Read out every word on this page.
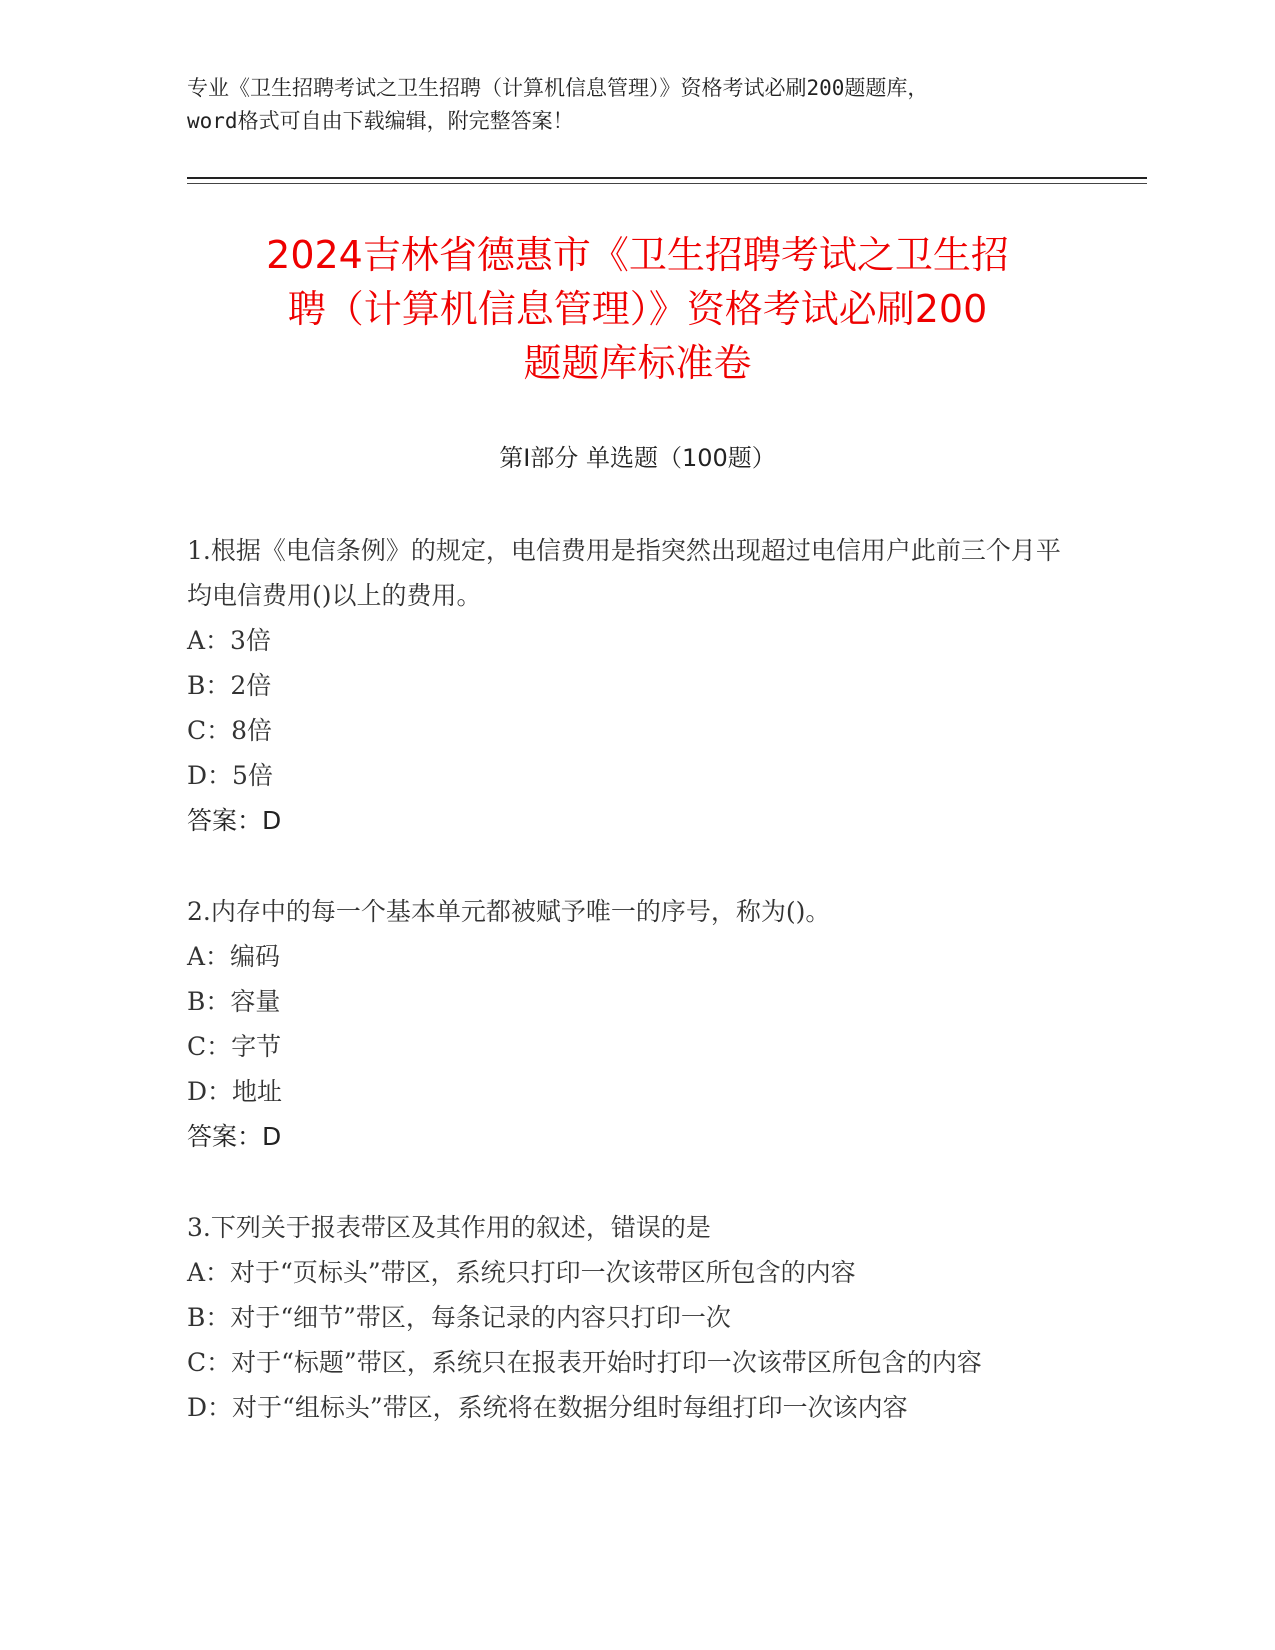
专业《卫生招聘考试之卫生招聘（计算机信息管理）》资格考试必刷200题题库，
word格式可自由下载编辑，附完整答案！
2024吉林省德惠市《卫生招聘考试之卫生招
聘（计算机信息管理）》资格考试必刷200
题题库标准卷
第Ⅰ部分 单选题（100题）
1.根据《电信条例》的规定，电信费用是指突然出现超过电信用户此前三个月平均电信费用()以上的费用。
A：3倍
B：2倍
C：8倍
D：5倍
答案：D
2.内存中的每一个基本单元都被赋予唯一的序号，称为()。
A：编码
B：容量
C：字节
D：地址
答案：D
3.下列关于报表带区及其作用的叙述，错误的是
A：对于“页标头”带区，系统只打印一次该带区所包含的内容
B：对于“细节”带区，每条记录的内容只打印一次
C：对于“标题”带区，系统只在报表开始时打印一次该带区所包含的内容
D：对于“组标头”带区，系统将在数据分组时每组打印一次该内容
